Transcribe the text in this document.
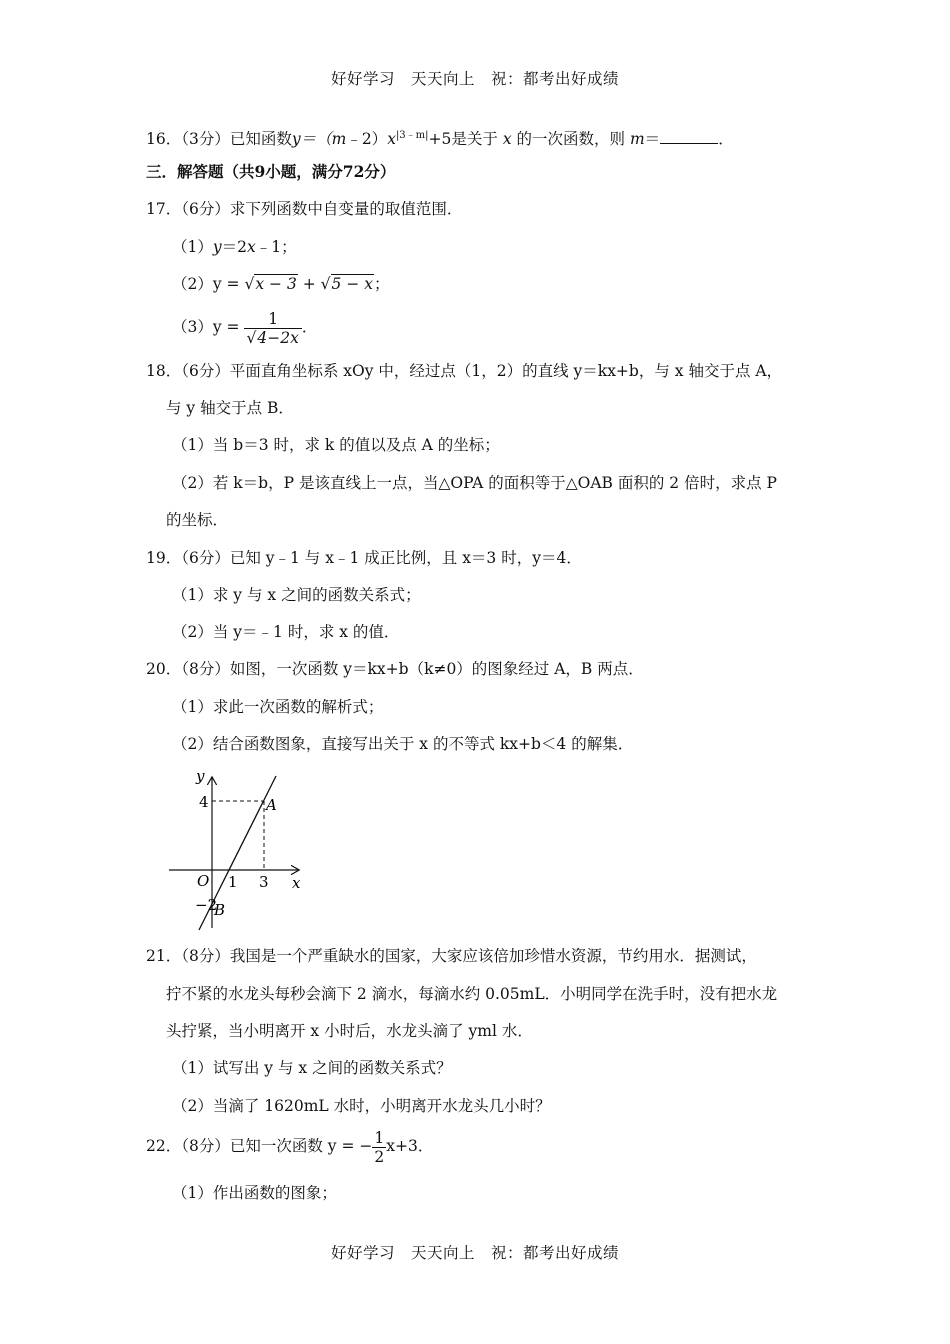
好好学习　天天向上　祝：都考出好成绩
16．（3分）已知函数$y=(m﹣2)x^{|3﹣m|}+5$是关于 x 的一次函数，则 m＝	．
三．解答题（共9小题，满分72分）
17．（6分）求下列函数中自变量的取值范围．
（1）y＝2x﹣1；
（2）y = √x − 3 + √5 − x；
$(3)y = \frac{1}{√4-2x}$ ．
18．（6分）平面直角坐标系 xOy 中，经过点（1，2）的直线 y＝kx+b，与 x 轴交于点 A，
与 y 轴交于点 B．
（1）当 b＝3 时，求 k 的值以及点 A 的坐标；
（2）若 k＝b，P 是该直线上一点，当△OPA 的面积等于△OAB 面积的 2 倍时，求点 P
的坐标．
19．（6分）已知 y﹣1 与 x﹣1 成正比例，且 x＝3 时，y＝4．
（1）求 y 与 x 之间的函数关系式；
（2）当 y＝﹣1 时，求 x 的值．
20．（8分）如图，一次函数 y＝kx+b（k≠0）的图象经过 A，B 两点．
（1）求此一次函数的解析式；
（2）结合函数图象，直接写出关于 x 的不等式 kx+b＜4 的解集．
y
x
O 1 3
4
−2
A
B
21．（8分）我国是一个严重缺水的国家，大家应该倍加珍惜水资源，节约用水．据测试，
拧不紧的水龙头每秒会滴下 2 滴水，每滴水约 0.05mL．小明同学在洗手时，没有把水龙
头拧紧，当小明离开 x 小时后，水龙头滴了 yml 水．
（1）试写出 y 与 x 之间的函数关系式？
（2）当滴了 1620mL 水时，小明离开水龙头几小时？
22．（8分）已知一次函数 y = − $\frac{1}{2} x+3$．
（1）作出函数的图象；
好好学习　天天向上　祝：都考出好成绩
